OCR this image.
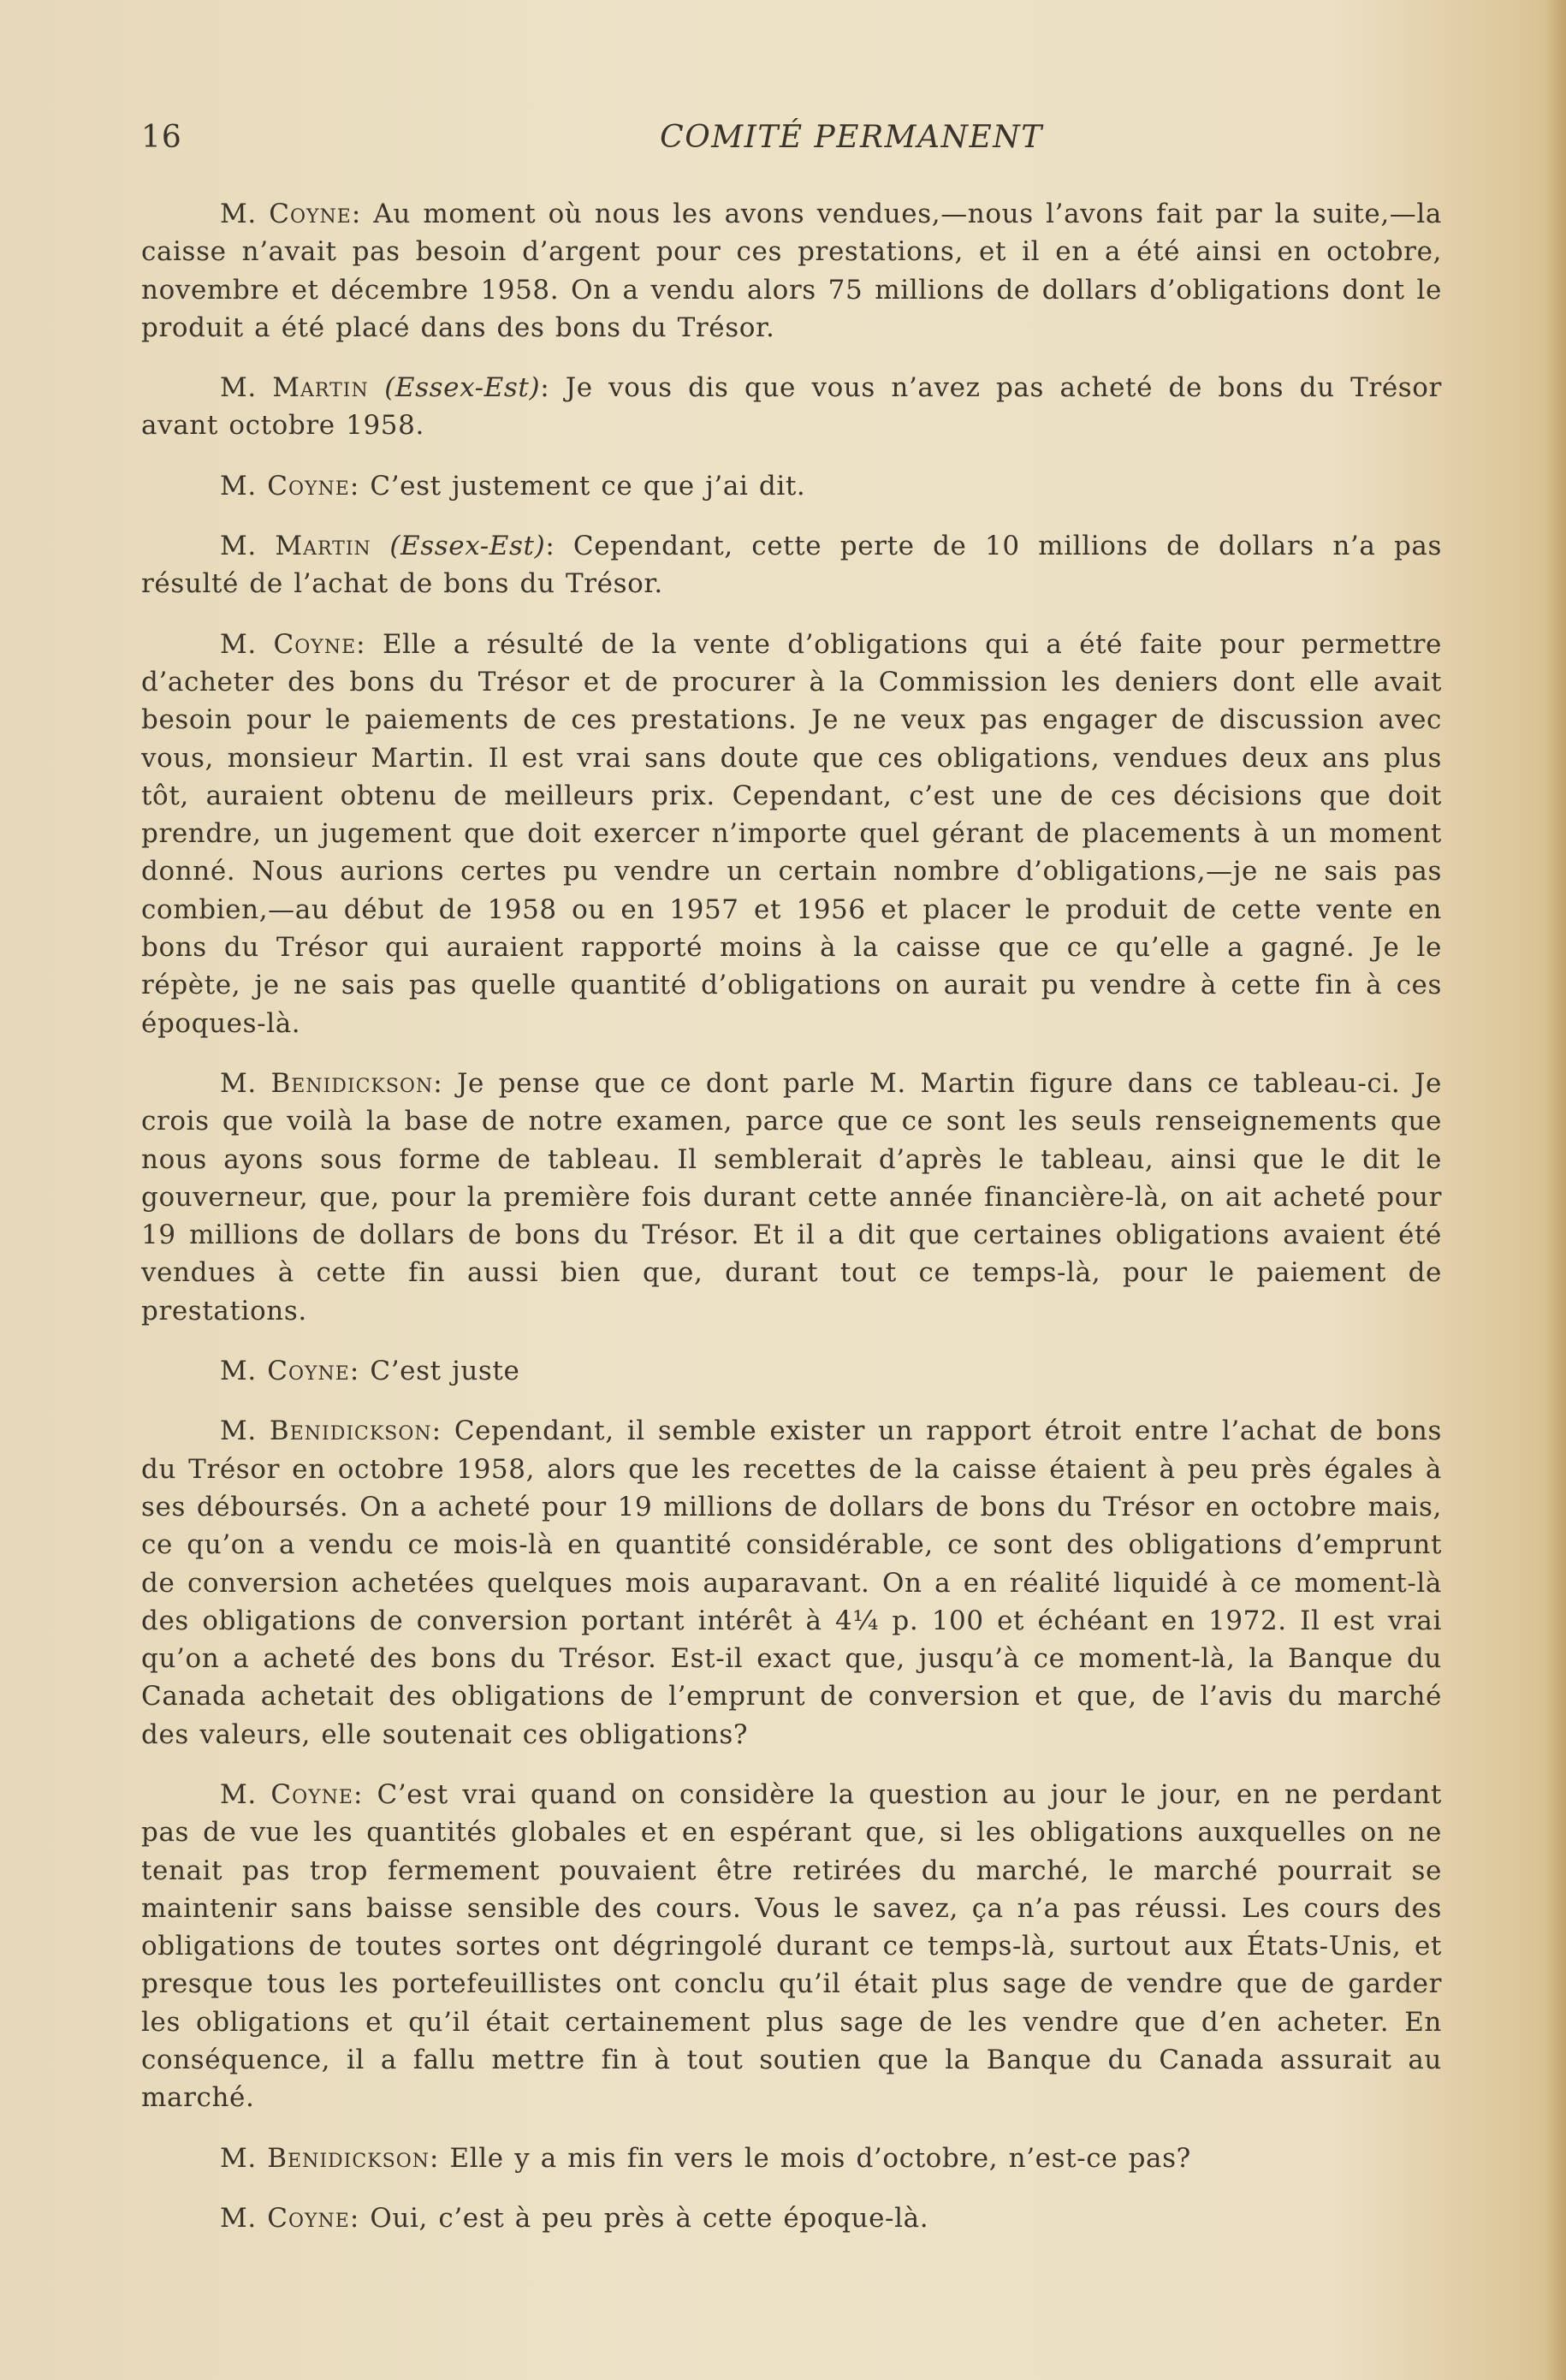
16	COMITÉ PERMANENT

M. Coyne: Au moment où nous les avons vendues,—nous l’avons fait par la suite,—la caisse n’avait pas besoin d’argent pour ces prestations, et il en a été ainsi en octobre, novembre et décembre 1958. On a vendu alors 75 millions de dollars d’obligations dont le produit a été placé dans des bons du Trésor.

M. Martin (Essex-Est): Je vous dis que vous n’avez pas acheté de bons du Trésor avant octobre 1958.

M. Coyne: C’est justement ce que j’ai dit.

M. Martin (Essex-Est): Cependant, cette perte de 10 millions de dollars n’a pas résulté de l’achat de bons du Trésor.

M. Coyne: Elle a résulté de la vente d’obligations qui a été faite pour permettre d’acheter des bons du Trésor et de procurer à la Commission les deniers dont elle avait besoin pour le paiements de ces prestations. Je ne veux pas engager de discussion avec vous, monsieur Martin. Il est vrai sans doute que ces obligations, vendues deux ans plus tôt, auraient obtenu de meilleurs prix. Cependant, c’est une de ces décisions que doit prendre, un jugement que doit exercer n’importe quel gérant de placements à un moment donné. Nous aurions certes pu vendre un certain nombre d’obligations,—je ne sais pas combien,—au début de 1958 ou en 1957 et 1956 et placer le produit de cette vente en bons du Trésor qui auraient rapporté moins à la caisse que ce qu’elle a gagné. Je le répète, je ne sais pas quelle quantité d’obligations on aurait pu vendre à cette fin à ces époques-là.

M. Benidickson: Je pense que ce dont parle M. Martin figure dans ce tableau-ci. Je crois que voilà la base de notre examen, parce que ce sont les seuls renseignements que nous ayons sous forme de tableau. Il semblerait d’après le tableau, ainsi que le dit le gouverneur, que, pour la première fois durant cette année financière-là, on ait acheté pour 19 millions de dollars de bons du Trésor. Et il a dit que certaines obligations avaient été vendues à cette fin aussi bien que, durant tout ce temps-là, pour le paiement de prestations.

M. Coyne: C’est juste

M. Benidickson: Cependant, il semble exister un rapport étroit entre l’achat de bons du Trésor en octobre 1958, alors que les recettes de la caisse étaient à peu près égales à ses déboursés. On a acheté pour 19 millions de dollars de bons du Trésor en octobre mais, ce qu’on a vendu ce mois-là en quantité considérable, ce sont des obligations d’emprunt de conversion achetées quelques mois auparavant. On a en réalité liquidé à ce moment-là des obligations de conversion portant intérêt à 4¼ p. 100 et échéant en 1972. Il est vrai qu’on a acheté des bons du Trésor. Est-il exact que, jusqu’à ce moment-là, la Banque du Canada achetait des obligations de l’emprunt de conversion et que, de l’avis du marché des valeurs, elle soutenait ces obligations?

M. Coyne: C’est vrai quand on considère la question au jour le jour, en ne perdant pas de vue les quantités globales et en espérant que, si les obligations auxquelles on ne tenait pas trop fermement pouvaient être retirées du marché, le marché pourrait se maintenir sans baisse sensible des cours. Vous le savez, ça n’a pas réussi. Les cours des obligations de toutes sortes ont dégringolé durant ce temps-là, surtout aux États-Unis, et presque tous les portefeuillistes ont conclu qu’il était plus sage de vendre que de garder les obligations et qu’il était certainement plus sage de les vendre que d’en acheter. En conséquence, il a fallu mettre fin à tout soutien que la Banque du Canada assurait au marché.

M. Benidickson: Elle y a mis fin vers le mois d’octobre, n’est-ce pas?

M. Coyne: Oui, c’est à peu près à cette époque-là.
